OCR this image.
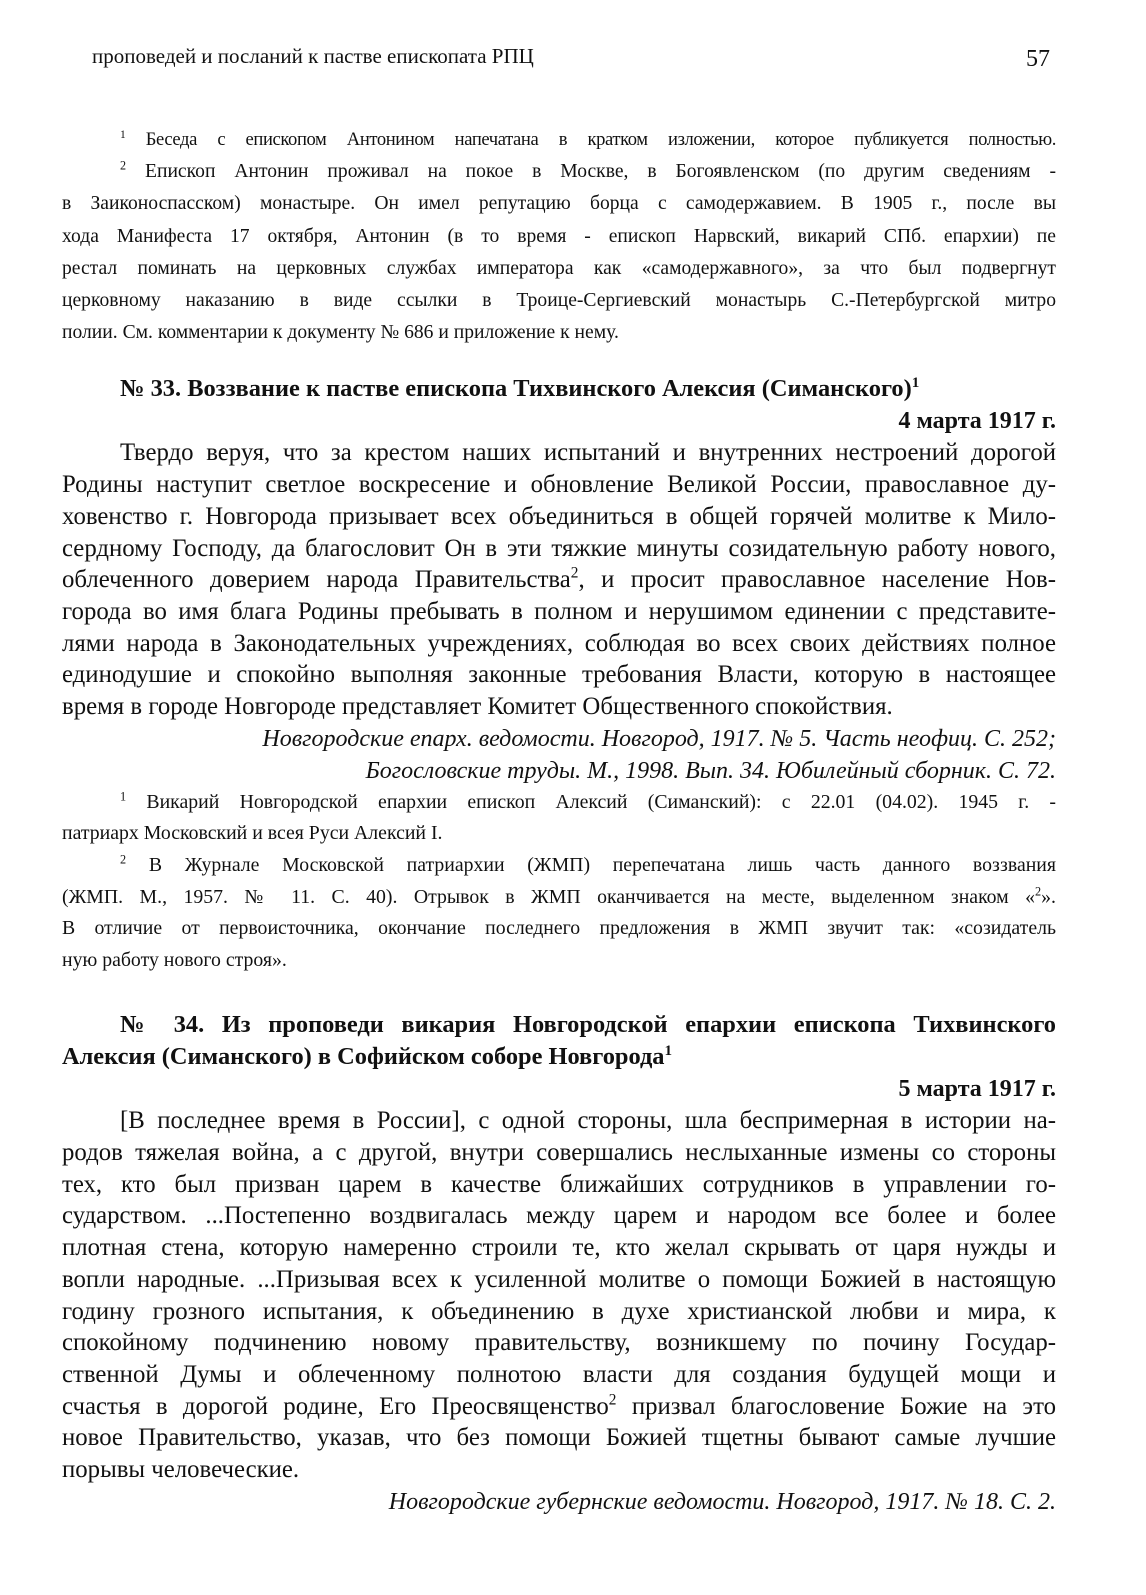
проповедей и посланий к пастве епископата РПЦ	57
$^1$ Беседа с епископом Антонином напечатана в кратком изложении, которое публикуется полностью.
$^2$ Епископ Антонин проживал на покое в Москве, в Богоявленском (по другим сведениям -
в Заиконоспасском) монастыре. Он имел репутацию борца с самодержавием. В 1905 г., после вы
хода Манифеста 17 октября, Антонин (в то время - епископ Нарвский, викарий СПб. епархии) пе
рестал поминать на церковных службах императора как «самодержавного», за что был подвергнут
церковному наказанию в виде ссылки в Троице-Сергиевский монастырь С.-Петербургской митро
полии. См. комментарии к документу № 686 и приложение к нему.
№ 33. Воззвание к пастве епископа Тихвинского Алексия (Симанского)$^1$
4 марта 1917 г.
Твердо веруя, что за крестом наших испытаний и внутренних нестроений дорогой
Родины наступит светлое воскресение и обновление Великой России, православное ду-
ховенство г. Новгорода призывает всех объединиться в общей горячей молитве к Мило-
сердному Господу, да благословит Он в эти тяжкие минуты созидательную работу нового,
облеченного доверием народа Правительства$^2$, и просит православное население Нов-
города во имя блага Родины пребывать в полном и нерушимом единении с представите-
лями народа в Законодательных учреждениях, соблюдая во всех своих действиях полное
единодушие и спокойно выполняя законные требования Власти, которую в настоящее
время в городе Новгороде представляет Комитет Общественного спокойствия.
Новгородские епарх. ведомости. Новгород, 1917. № 5. Часть неофиц. С. 252;
Богословские труды. М., 1998. Вып. 34. Юбилейный сборник. С. 72.
$^1$ Викарий Новгородской епархии епископ Алексий (Симанский): с 22.01 (04.02). 1945 г. -
патриарх Московский и всея Руси Алексий I.
$^2$ В Журнале Московской патриархии (ЖМП) перепечатана лишь часть данного воззвания
(ЖМП. М., 1957. № 11. С. 40). Отрывок в ЖМП оканчивается на месте, выделенном знаком «$^2$».
В отличие от первоисточника, окончание последнего предложения в ЖМП звучит так: «созидатель
ную работу нового строя».
№ 34. Из проповеди викария Новгородской епархии епископа Тихвинского
Алексия (Симанского) в Софийском соборе Новгорода$^1$
5 марта 1917 г.
[В последнее время в России], с одной стороны, шла беспримерная в истории на-
родов тяжелая война, а с другой, внутри совершались неслыханные измены со стороны
тех, кто был призван царем в качестве ближайших сотрудников в управлении го-
сударством. ...Постепенно воздвигалась между царем и народом все более и более
плотная стена, которую намеренно строили те, кто желал скрывать от царя нужды и
вопли народные. ...Призывая всех к усиленной молитве о помощи Божией в настоящую
годину грозного испытания, к объединению в духе христианской любви и мира, к
спокойному подчинению новому правительству, возникшему по почину Государ-
ственной Думы и облеченному полнотою власти для создания будущей мощи и
счастья в дорогой родине, Его Преосвященство$^2$ призвал благословение Божие на это
новое Правительство, указав, что без помощи Божией тщетны бывают самые лучшие
порывы человеческие.
Новгородские губернские ведомости. Новгород, 1917. № 18. С. 2.
